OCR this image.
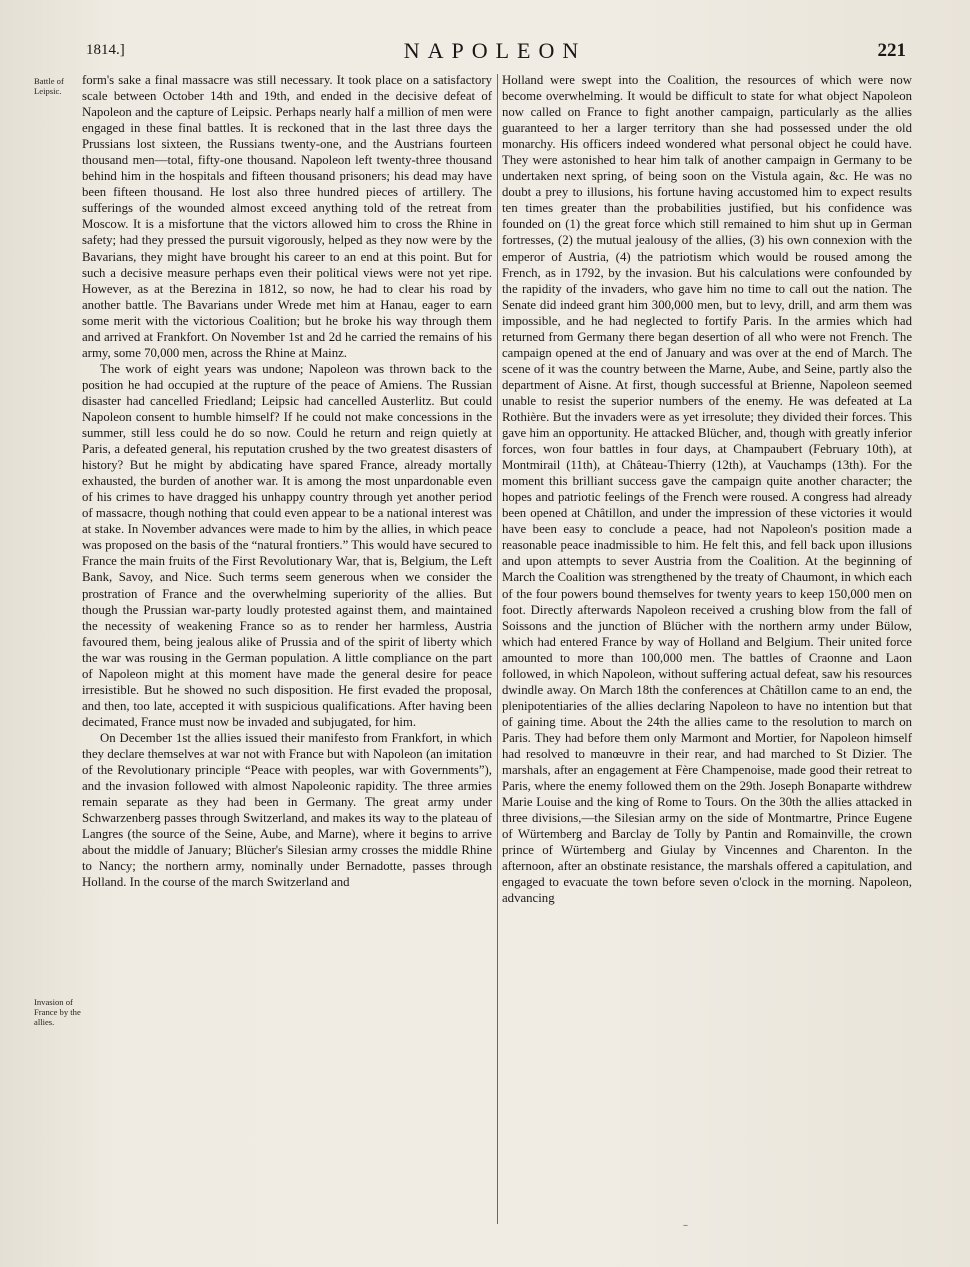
1814.]	NAPOLEON	221
Battle of Leipsic.
Invasion of France by the allies.

form's sake a final massacre was still necessary. It took place on a satisfactory scale between October 14th and 19th, and ended in the decisive defeat of Napoleon and the capture of Leipsic. Perhaps nearly half a million of men were engaged in these final battles. It is reckoned that in the last three days the Prussians lost sixteen, the Russians twenty-one, and the Austrians fourteen thousand men—total, fifty-one thousand. Napoleon left twenty-three thousand behind him in the hospitals and fifteen thousand prisoners; his dead may have been fifteen thousand. He lost also three hundred pieces of artillery. The sufferings of the wounded almost exceed anything told of the retreat from Moscow. It is a misfortune that the victors allowed him to cross the Rhine in safety; had they pressed the pursuit vigorously, helped as they now were by the Bavarians, they might have brought his career to an end at this point. But for such a decisive measure perhaps even their political views were not yet ripe. However, as at the Berezina in 1812, so now, he had to clear his road by another battle. The Bavarians under Wrede met him at Hanau, eager to earn some merit with the victorious Coalition; but he broke his way through them and arrived at Frankfort. On November 1st and 2d he carried the remains of his army, some 70,000 men, across the Rhine at Mainz.

The work of eight years was undone; Napoleon was thrown back to the position he had occupied at the rupture of the peace of Amiens. The Russian disaster had cancelled Friedland; Leipsic had cancelled Austerlitz. But could Napoleon consent to humble himself? If he could not make concessions in the summer, still less could he do so now. Could he return and reign quietly at Paris, a defeated general, his reputation crushed by the two greatest disasters of history? But he might by abdicating have spared France, already mortally exhausted, the burden of another war. It is among the most unpardonable even of his crimes to have dragged his unhappy country through yet another period of massacre, though nothing that could even appear to be a national interest was at stake. In November advances were made to him by the allies, in which peace was proposed on the basis of the “natural frontiers.” This would have secured to France the main fruits of the First Revolutionary War, that is, Belgium, the Left Bank, Savoy, and Nice. Such terms seem generous when we consider the prostration of France and the overwhelming superiority of the allies. But though the Prussian war-party loudly protested against them, and maintained the necessity of weakening France so as to render her harmless, Austria favoured them, being jealous alike of Prussia and of the spirit of liberty which the war was rousing in the German population. A little compliance on the part of Napoleon might at this moment have made the general desire for peace irresistible. But he showed no such disposition. He first evaded the proposal, and then, too late, accepted it with suspicious qualifications. After having been decimated, France must now be invaded and subjugated, for him.

On December 1st the allies issued their manifesto from Frankfort, in which they declare themselves at war not with France but with Napoleon (an imitation of the Revolutionary principle “Peace with peoples, war with Governments”), and the invasion followed with almost Napoleonic rapidity. The three armies remain separate as they had been in Germany. The great army under Schwarzenberg passes through Switzerland, and makes its way to the plateau of Langres (the source of the Seine, Aube, and Marne), where it begins to arrive about the middle of January; Blücher's Silesian army crosses the middle Rhine to Nancy; the northern army, nominally under Bernadotte, passes through Holland. In the course of the march Switzerland and

Holland were swept into the Coalition, the resources of which were now become overwhelming. It would be difficult to state for what object Napoleon now called on France to fight another campaign, particularly as the allies guaranteed to her a larger territory than she had possessed under the old monarchy. His officers indeed wondered what personal object he could have. They were astonished to hear him talk of another campaign in Germany to be undertaken next spring, of being soon on the Vistula again, &c. He was no doubt a prey to illusions, his fortune having accustomed him to expect results ten times greater than the probabilities justified, but his confidence was founded on (1) the great force which still remained to him shut up in German fortresses, (2) the mutual jealousy of the allies, (3) his own connexion with the emperor of Austria, (4) the patriotism which would be roused among the French, as in 1792, by the invasion. But his calculations were confounded by the rapidity of the invaders, who gave him no time to call out the nation. The Senate did indeed grant him 300,000 men, but to levy, drill, and arm them was impossible, and he had neglected to fortify Paris. In the armies which had returned from Germany there began desertion of all who were not French. The campaign opened at the end of January and was over at the end of March. The scene of it was the country between the Marne, Aube, and Seine, partly also the department of Aisne. At first, though successful at Brienne, Napoleon seemed unable to resist the superior numbers of the enemy. He was defeated at La Rothière. But the invaders were as yet irresolute; they divided their forces. This gave him an opportunity. He attacked Blücher, and, though with greatly inferior forces, won four battles in four days, at Champaubert (February 10th), at Montmirail (11th), at Château-Thierry (12th), at Vauchamps (13th). For the moment this brilliant success gave the campaign quite another character; the hopes and patriotic feelings of the French were roused. A congress had already been opened at Châtillon, and under the impression of these victories it would have been easy to conclude a peace, had not Napoleon's position made a reasonable peace inadmissible to him. He felt this, and fell back upon illusions and upon attempts to sever Austria from the Coalition. At the beginning of March the Coalition was strengthened by the treaty of Chaumont, in which each of the four powers bound themselves for twenty years to keep 150,000 men on foot. Directly afterwards Napoleon received a crushing blow from the fall of Soissons and the junction of Blücher with the northern army under Bülow, which had entered France by way of Holland and Belgium. Their united force amounted to more than 100,000 men. The battles of Craonne and Laon followed, in which Napoleon, without suffering actual defeat, saw his resources dwindle away. On March 18th the conferences at Châtillon came to an end, the plenipotentiaries of the allies declaring Napoleon to have no intention but that of gaining time. About the 24th the allies came to the resolution to march on Paris. They had before them only Marmont and Mortier, for Napoleon himself had resolved to manœuvre in their rear, and had marched to St Dizier. The marshals, after an engagement at Fère Champenoise, made good their retreat to Paris, where the enemy followed them on the 29th. Joseph Bonaparte withdrew Marie Louise and the king of Rome to Tours. On the 30th the allies attacked in three divisions,—the Silesian army on the side of Montmartre, Prince Eugene of Würtemberg and Barclay de Tolly by Pantin and Romainville, the crown prince of Würtemberg and Giulay by Vincennes and Charenton. In the afternoon, after an obstinate resistance, the marshals offered a capitulation, and engaged to evacuate the town before seven o'clock in the morning. Napoleon, advancing

–
